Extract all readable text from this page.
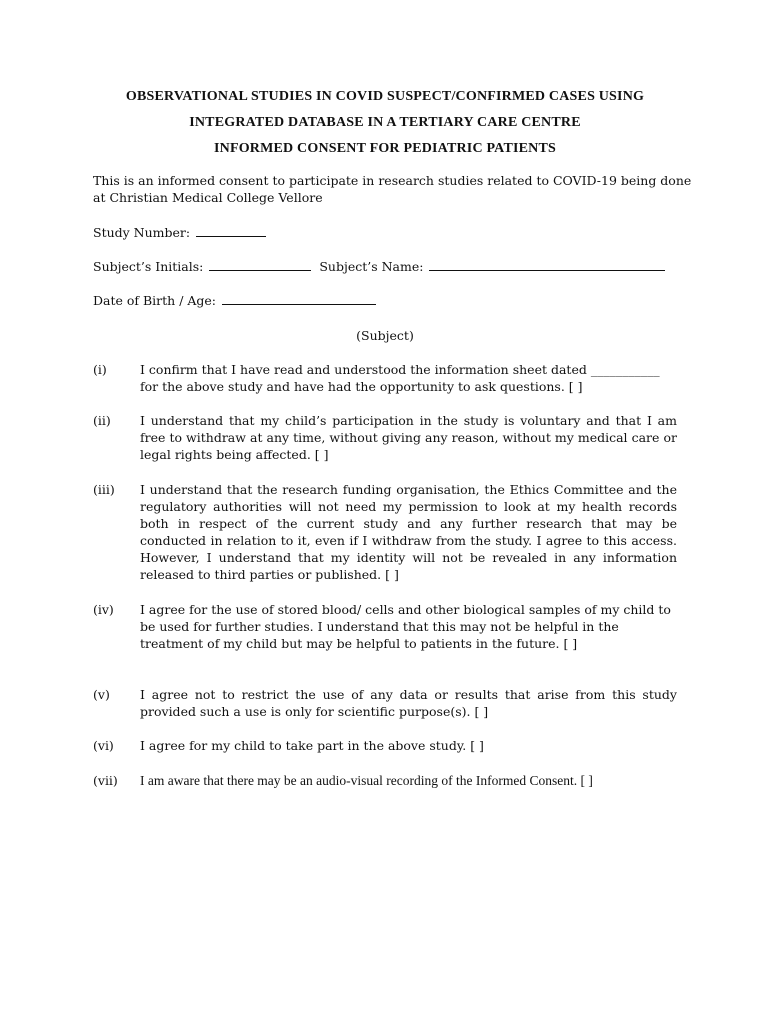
OBSERVATIONAL STUDIES IN COVID SUSPECT/CONFIRMED CASES USING
INTEGRATED DATABASE IN A TERTIARY CARE CENTRE
INFORMED CONSENT FOR PEDIATRIC PATIENTS
This is an informed consent to participate in research studies related to COVID-19 being done at Christian Medical College Vellore
Study Number:
Subject’s Initials:	Subject’s Name:
Date of Birth / Age:
(Subject)
(i)	I confirm that I have read and understood the information sheet dated ___________ for the above study and have had the opportunity to ask questions. [ ]
(ii)	I understand that my child’s participation in the study is voluntary and that I am free to withdraw at any time, without giving any reason, without my medical care or legal rights being affected. [ ]
(iii)	I understand that the research funding organisation, the Ethics Committee and the regulatory authorities will not need my permission to look at my health records both in respect of the current study and any further research that may be conducted in relation to it, even if I withdraw from the study. I agree to this access. However, I understand that my identity will not be revealed in any information released to third parties or published. [ ]
(iv)	I agree for the use of stored blood/ cells and other biological samples of my child to be used for further studies. I understand that this may not be helpful in the treatment of my child but may be helpful to patients in the future. [ ]
(v)	I agree not to restrict the use of any data or results that arise from this study provided such a use is only for scientific purpose(s). [ ]
(vi)	I agree for my child to take part in the above study. [ ]
(vii)	I am aware that there may be an audio-visual recording of the Informed Consent. [ ]
